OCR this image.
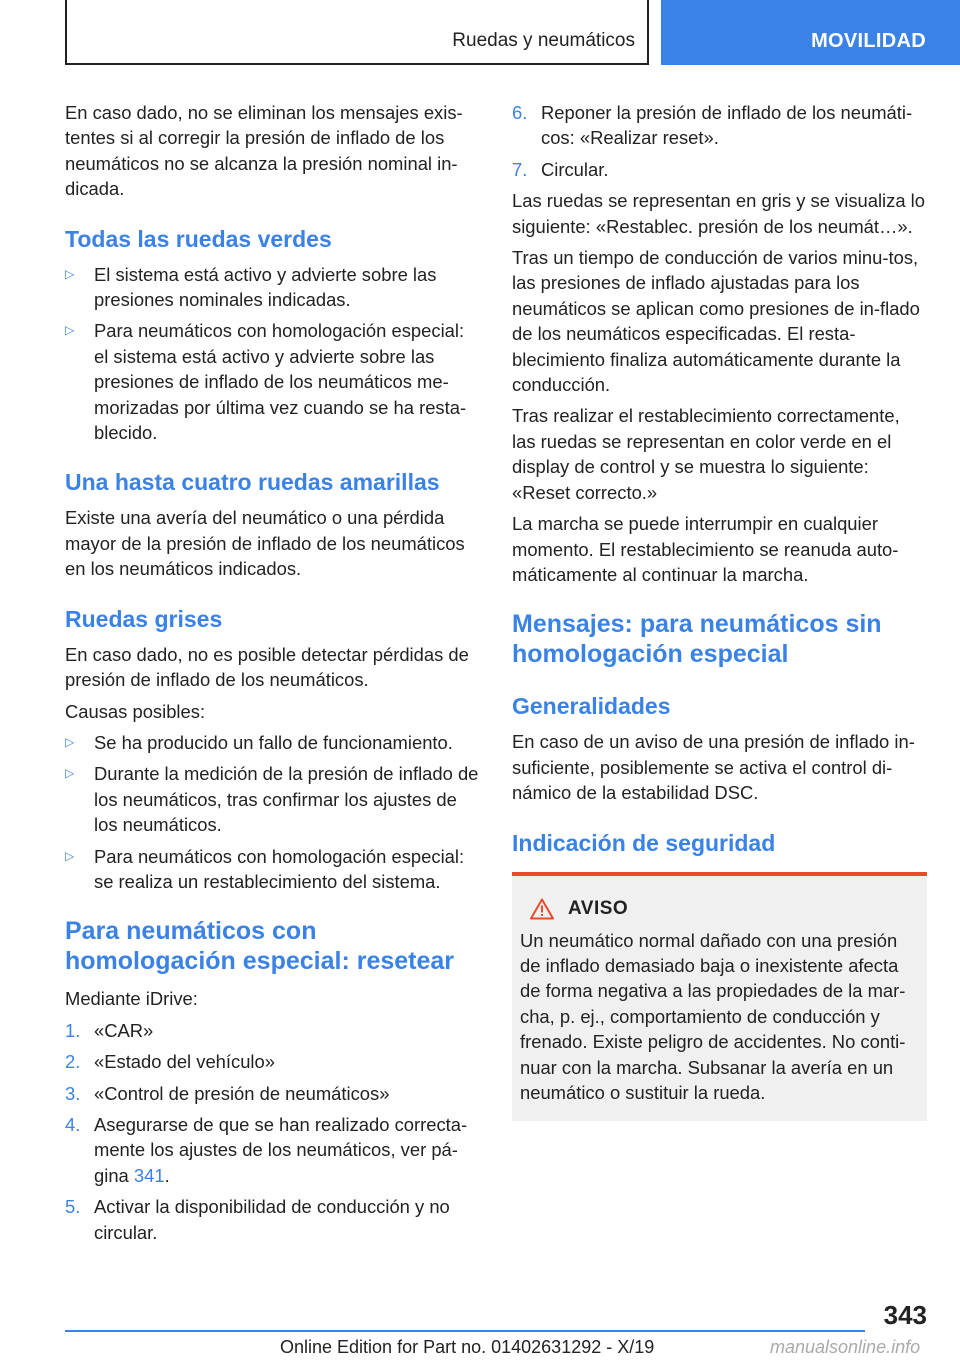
Ruedas y neumáticos	MOVILIDAD

En caso dado, no se eliminan los mensajes exis-tentes si al corregir la presión de inflado de los neumáticos no se alcanza la presión nominal in-dicada.

Todas las ruedas verdes
▷ El sistema está activo y advierte sobre las presiones nominales indicadas.
▷ Para neumáticos con homologación especial: el sistema está activo y advierte sobre las presiones de inflado de los neumáticos me-morizadas por última vez cuando se ha resta-blecido.
Una hasta cuatro ruedas amarillas

Existe una avería del neumático o una pérdida mayor de la presión de inflado de los neumáticos en los neumáticos indicados.

Ruedas grises

En caso dado, no es posible detectar pérdidas de presión de inflado de los neumáticos.

Causas posibles:

▷ Se ha producido un fallo de funcionamiento.
▷ Durante la medición de la presión de inflado de los neumáticos, tras confirmar los ajustes de los neumáticos.
▷ Para neumáticos con homologación especial: se realiza un restablecimiento del sistema.
Para neumáticos con homologación especial: resetear

Mediante iDrive:

1. «CAR»
2. «Estado del vehículo»
3. «Control de presión de neumáticos»
4. Asegurarse de que se han realizado correcta-mente los ajustes de los neumáticos, ver pá-gina 341.
5. Activar la disponibilidad de conducción y no circular.
6. Reponer la presión de inflado de los neumáti-cos: «Realizar reset».
7. Circular.

Las ruedas se representan en gris y se visualiza lo siguiente: «Restablec. presión de los neumát…».

Tras un tiempo de conducción de varios minu-tos, las presiones de inflado ajustadas para los neumáticos se aplican como presiones de in-flado de los neumáticos especificadas. El resta-blecimiento finaliza automáticamente durante la conducción.

Tras realizar el restablecimiento correctamente, las ruedas se representan en color verde en el display de control y se muestra lo siguiente: «Reset correcto.»

La marcha se puede interrumpir en cualquier momento. El restablecimiento se reanuda auto-máticamente al continuar la marcha.

Mensajes: para neumáticos sin homologación especial
Generalidades

En caso de un aviso de una presión de inflado in-suficiente, posiblemente se activa el control di-námico de la estabilidad DSC.

Indicación de seguridad
AVISO

Un neumático normal dañado con una presión de inflado demasiado baja o inexistente afecta de forma negativa a las propiedades de la mar-cha, p. ej., comportamiento de conducción y frenado. Existe peligro de accidentes. No conti-nuar con la marcha. Subsanar la avería en un neumático o sustituir la rueda.

343
Online Edition for Part no. 01402631292 - X/19	manualsonline.info
